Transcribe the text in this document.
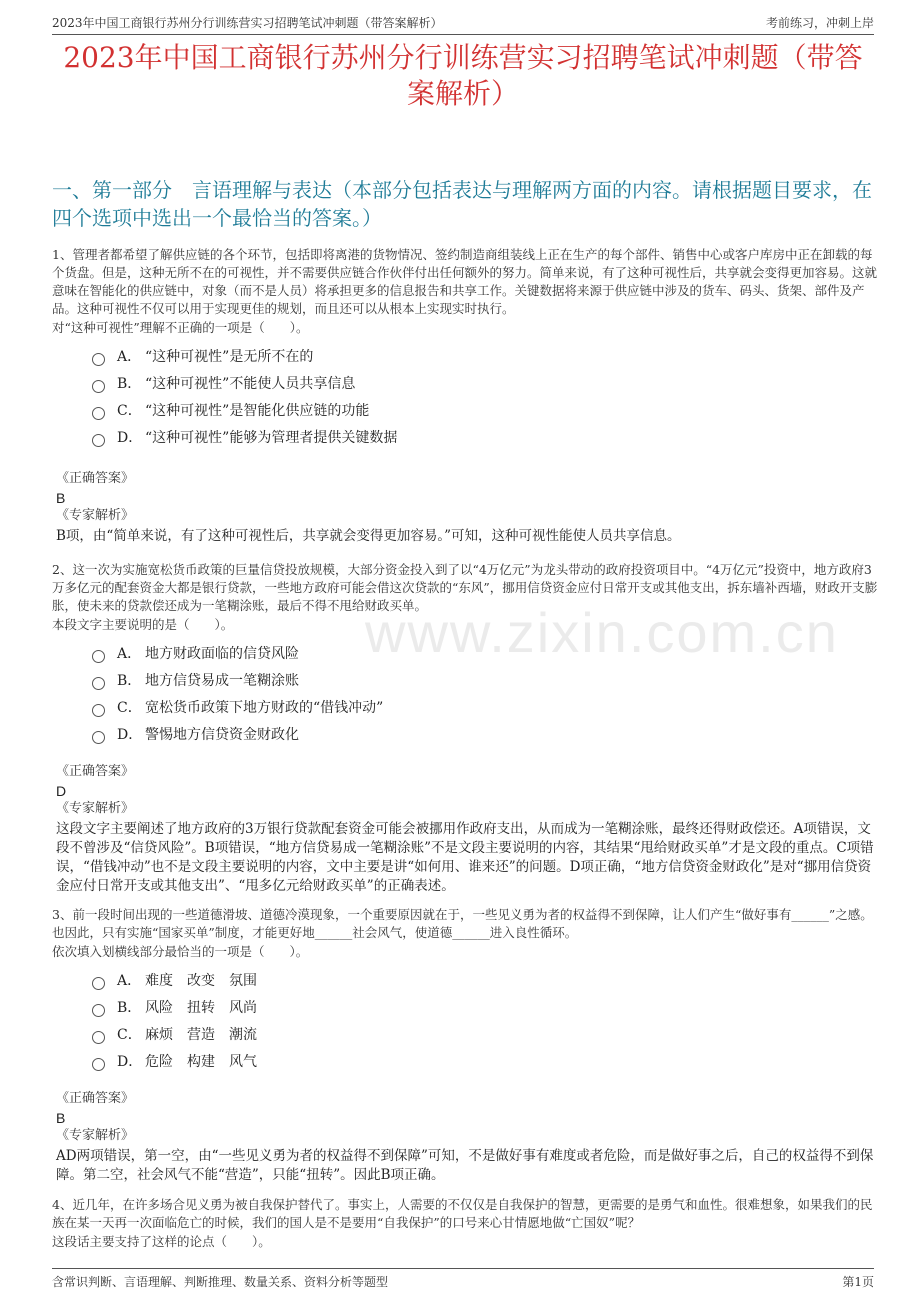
2023年中国工商银行苏州分行训练营实习招聘笔试冲刺题（带答案解析）	考前练习，冲刺上岸
2023年中国工商银行苏州分行训练营实习招聘笔试冲刺题（带答案解析）
一、第一部分　言语理解与表达（本部分包括表达与理解两方面的内容。请根据题目要求，在四个选项中选出一个最恰当的答案。）
www.zixin.com.cn
1、管理者都希望了解供应链的各个环节，包括即将离港的货物情况、签约制造商组装线上正在生产的每个部件、销售中心或客户库房中正在卸载的每个货盘。但是，这种无所不在的可视性，并不需要供应链合作伙伴付出任何额外的努力。简单来说，有了这种可视性后，共享就会变得更加容易。这就意味在智能化的供应链中，对象（而不是人员）将承担更多的信息报告和共享工作。关键数据将来源于供应链中涉及的货车、码头、货架、部件及产品。这种可视性不仅可以用于实现更佳的规划，而且还可以从根本上实现实时执行。
对“这种可视性”理解不正确的一项是（　　）。
A． “这种可视性”是无所不在的
B． “这种可视性”不能使人员共享信息
C． “这种可视性”是智能化供应链的功能
D． “这种可视性”能够为管理者提供关键数据
《正确答案》
B
《专家解析》
B项，由“简单来说，有了这种可视性后，共享就会变得更加容易。”可知，这种可视性能使人员共享信息。
2、这一次为实施宽松货币政策的巨量信贷投放规模，大部分资金投入到了以“4万亿元”为龙头带动的政府投资项目中。“4万亿元”投资中，地方政府3万多亿元的配套资金大都是银行贷款，一些地方政府可能会借这次贷款的“东风”，挪用信贷资金应付日常开支或其他支出，拆东墙补西墙，财政开支膨胀，使未来的贷款偿还成为一笔糊涂账，最后不得不甩给财政买单。
本段文字主要说明的是（　　）。
A． 地方财政面临的信贷风险
B． 地方信贷易成一笔糊涂账
C． 宽松货币政策下地方财政的“借钱冲动”
D． 警惕地方信贷资金财政化
《正确答案》
D
《专家解析》
这段文字主要阐述了地方政府的3万银行贷款配套资金可能会被挪用作政府支出，从而成为一笔糊涂账，最终还得财政偿还。A项错误，文段不曾涉及“信贷风险”。B项错误，“地方信贷易成一笔糊涂账”不是文段主要说明的内容，其结果“甩给财政买单”才是文段的重点。C项错误，“借钱冲动”也不是文段主要说明的内容，文中主要是讲“如何用、谁来还”的问题。D项正确，“地方信贷资金财政化”是对“挪用信贷资金应付日常开支或其他支出”、“甩多亿元给财政买单”的正确表述。
3、前一段时间出现的一些道德滑坡、道德冷漠现象，一个重要原因就在于，一些见义勇为者的权益得不到保障，让人们产生“做好事有______”之感。也因此，只有实施“国家买单”制度，才能更好地______社会风气，使道德______进入良性循环。
依次填入划横线部分最恰当的一项是（　　）。
A． 难度　改变　氛围
B． 风险　扭转　风尚
C． 麻烦　营造　潮流
D． 危险　构建　风气
《正确答案》
B
《专家解析》
AD两项错误，第一空，由“一些见义勇为者的权益得不到保障”可知，不是做好事有难度或者危险，而是做好事之后，自己的权益得不到保障。第二空，社会风气不能“营造”，只能“扭转”。因此B项正确。
4、近几年，在许多场合见义勇为被自我保护替代了。事实上，人需要的不仅仅是自我保护的智慧，更需要的是勇气和血性。很难想象，如果我们的民族在某一天再一次面临危亡的时候，我们的国人是不是要用“自我保护”的口号来心甘情愿地做“亡国奴”呢？
这段话主要支持了这样的论点（　　）。
含常识判断、言语理解、判断推理、数量关系、资料分析等题型	第1页
